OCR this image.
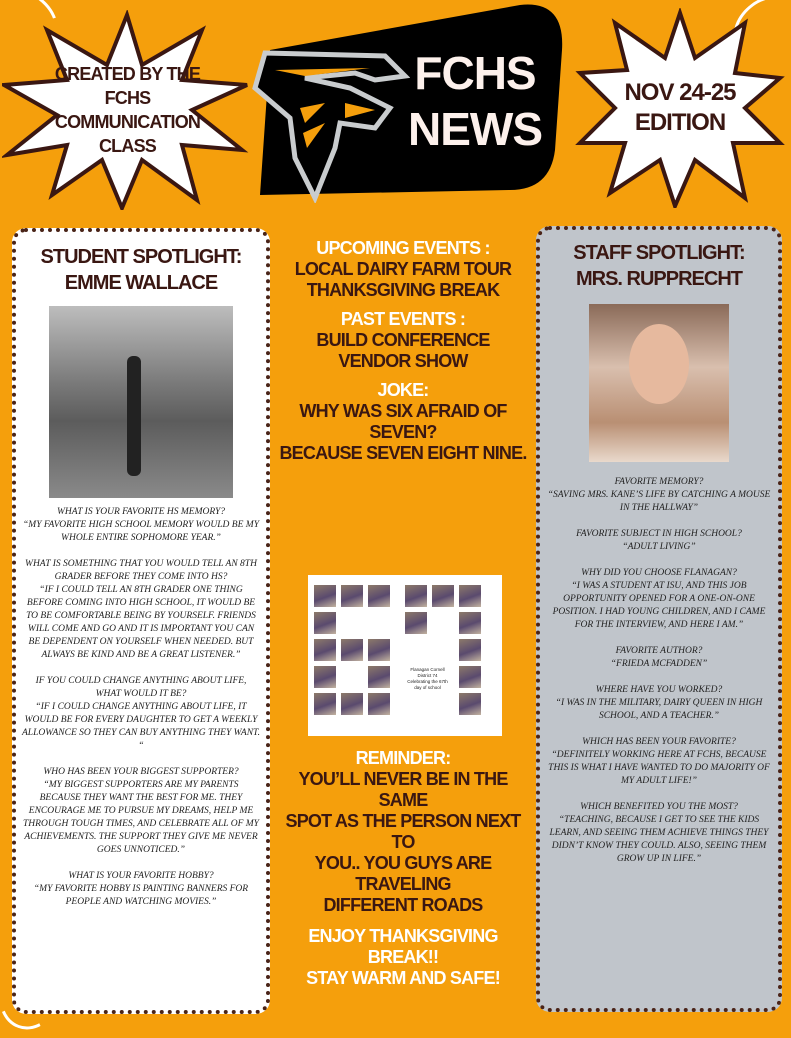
CREATED BY THE
FCHS
COMMUNICATION
CLASS
NOV 24-25
EDITION
FCHS
NEWS
STUDENT SPOTLIGHT:
EMME WALLACE
WHAT IS YOUR FAVORITE HS MEMORY?
“MY FAVORITE HIGH SCHOOL MEMORY WOULD BE MY WHOLE ENTIRE SOPHOMORE YEAR.”
WHAT IS SOMETHING THAT YOU WOULD TELL AN 8TH GRADER BEFORE THEY COME INTO HS?
“IF I COULD TELL AN 8TH GRADER ONE THING BEFORE COMING INTO HIGH SCHOOL, IT WOULD BE TO BE COMFORTABLE BEING BY YOURSELF. FRIENDS WILL COME AND GO AND IT IS IMPORTANT YOU CAN BE DEPENDENT ON YOURSELF WHEN NEEDED. BUT ALWAYS BE KIND AND BE A GREAT LISTENER.”
IF YOU COULD CHANGE ANYTHING ABOUT LIFE, WHAT WOULD IT BE?
“IF I COULD CHANGE ANYTHING ABOUT LIFE, IT WOULD BE FOR EVERY DAUGHTER TO GET A WEEKLY ALLOWANCE SO THEY CAN BUY ANYTHING THEY WANT. “
WHO HAS BEEN YOUR BIGGEST SUPPORTER?
“MY BIGGEST SUPPORTERS ARE MY PARENTS BECAUSE THEY WANT THE BEST FOR ME. THEY ENCOURAGE ME TO PURSUE MY DREAMS, HELP ME THROUGH TOUGH TIMES, AND CELEBRATE ALL OF MY ACHIEVEMENTS. THE SUPPORT THEY GIVE ME NEVER GOES UNNOTICED.”
WHAT IS YOUR FAVORITE HOBBY?
“MY FAVORITE HOBBY IS PAINTING BANNERS FOR PEOPLE AND WATCHING MOVIES.”
UPCOMING EVENTS :
LOCAL DAIRY FARM TOUR
THANKSGIVING BREAK
PAST EVENTS :
BUILD CONFERENCE
VENDOR SHOW
JOKE:
WHY WAS SIX AFRAID OF
SEVEN?
BECAUSE SEVEN EIGHT NINE.
Flanagan Cornell
District 74
Celebrating the 67th
day of school
REMINDER:
YOU’LL NEVER BE IN THE SAME
SPOT AS THE PERSON NEXT TO
YOU.. YOU GUYS ARE TRAVELING
DIFFERENT ROADS
ENJOY THANKSGIVING BREAK!!
STAY WARM AND SAFE!
STAFF SPOTLIGHT:
MRS. RUPPRECHT
FAVORITE MEMORY?
“SAVING MRS. KANE’S LIFE BY CATCHING A MOUSE IN THE HALLWAY”
FAVORITE SUBJECT IN HIGH SCHOOL?
“ADULT LIVING”
WHY DID YOU CHOOSE FLANAGAN?
“I WAS A STUDENT AT ISU, AND THIS JOB OPPORTUNITY OPENED FOR A ONE-ON-ONE POSITION. I HAD YOUNG CHILDREN, AND I CAME FOR THE INTERVIEW, AND HERE I AM.”
FAVORITE AUTHOR?
“FRIEDA MCFADDEN”
WHERE HAVE YOU WORKED?
“I WAS IN THE MILITARY, DAIRY QUEEN IN HIGH SCHOOL, AND A TEACHER.”
WHICH HAS BEEN YOUR FAVORITE?
“DEFINITELY WORKING HERE AT FCHS, BECAUSE THIS IS WHAT I HAVE WANTED TO DO MAJORITY OF MY ADULT LIFE!”
WHICH BENEFITED YOU THE MOST?
“TEACHING, BECAUSE I GET TO SEE THE KIDS LEARN, AND SEEING THEM ACHIEVE THINGS THEY DIDN’T KNOW THEY COULD. ALSO, SEEING THEM GROW UP IN LIFE.”
